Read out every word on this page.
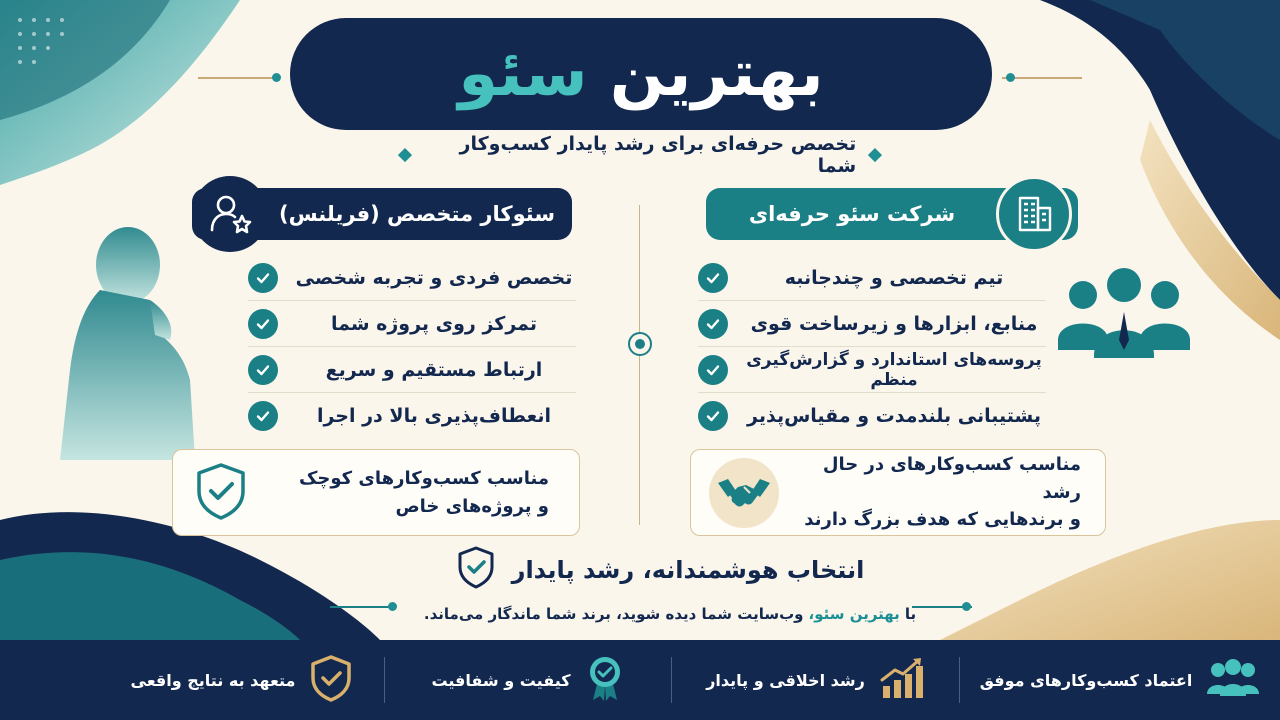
بهترین سئو
تخصص حرفه‌ای برای رشد پایدار کسب‌وکار شما
سئوکار متخصص (فریلنس)	شرکت سئو حرفه‌ای
تخصص فردی و تجربه شخصی
تمرکز روی پروژه شما
ارتباط مستقیم و سریع
انعطاف‌پذیری بالا در اجرا
تیم تخصصی و چندجانبه
منابع، ابزارها و زیرساخت قوی
پروسه‌های استاندارد و گزارش‌گیری منظم
پشتیبانی بلندمدت و مقیاس‌پذیر
مناسب کسب‌وکارهای کوچک
و پروژه‌های خاص
مناسب کسب‌وکارهای در حال رشد
و برندهایی که هدف بزرگ دارند
انتخاب هوشمندانه، رشد پایدار
با
بهترین سئو،
وب‌سایت شما دیده شوید، برند شما ماندگار می‌ماند.
اعتماد کسب‌وکارهای موفق
رشد اخلاقی و پایدار
کیفیت و شفافیت
متعهد به نتایج واقعی
